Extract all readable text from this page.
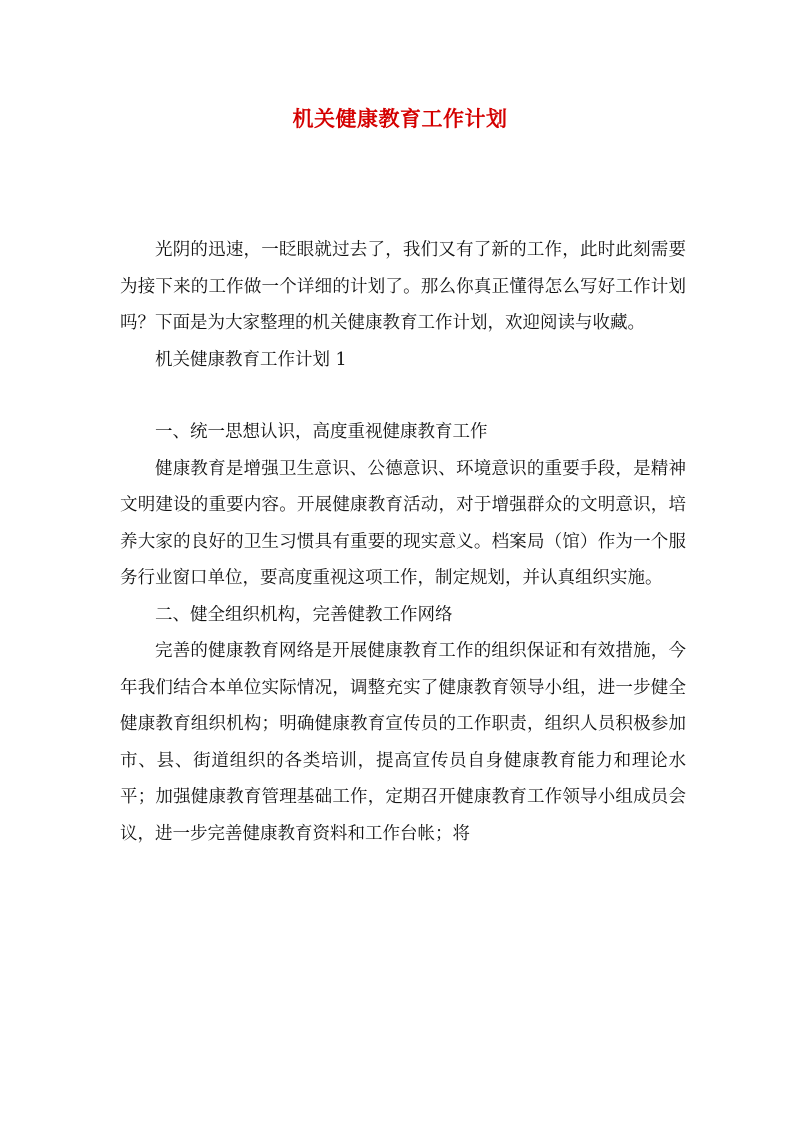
机关健康教育工作计划

光阴的迅速，一眨眼就过去了，我们又有了新的工作，此时此刻需要为接下来的工作做一个详细的计划了。那么你真正懂得怎么写好工作计划吗？下面是为大家整理的机关健康教育工作计划，欢迎阅读与收藏。

机关健康教育工作计划 1

一、统一思想认识，高度重视健康教育工作

健康教育是增强卫生意识、公德意识、环境意识的重要手段，是精神文明建设的重要内容。开展健康教育活动，对于增强群众的文明意识，培养大家的良好的卫生习惯具有重要的现实意义。档案局（馆）作为一个服务行业窗口单位，要高度重视这项工作，制定规划，并认真组织实施。

二、健全组织机构，完善健教工作网络

完善的健康教育网络是开展健康教育工作的组织保证和有效措施，今年我们结合本单位实际情况，调整充实了健康教育领导小组，进一步健全健康教育组织机构；明确健康教育宣传员的工作职责，组织人员积极参加市、县、街道组织的各类培训，提高宣传员自身健康教育能力和理论水平；加强健康教育管理基础工作，定期召开健康教育工作领导小组成员会议，进一步完善健康教育资料和工作台帐；将
